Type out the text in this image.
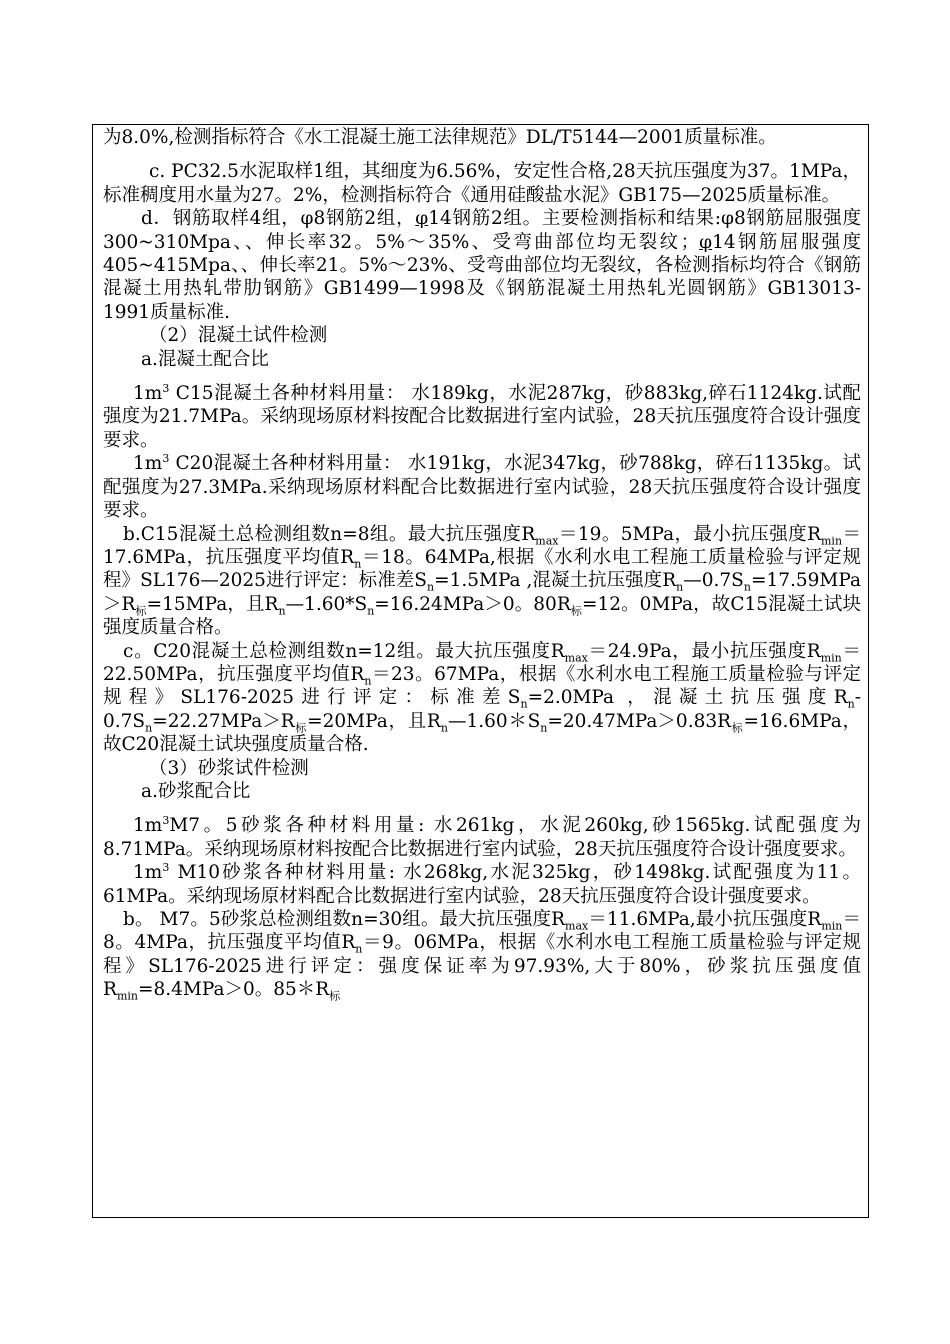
为8.0%,检测指标符合《水工混凝土施工法律规范》DL/T5144—2001质量标准。

c. PC32.5水泥取样1组，其细度为6.56%，安定性合格,28天抗压强度为37。1MPa，标准稠度用水量为27。2%，检测指标符合《通用硅酸盐水泥》GB175—2025质量标准。

d．钢筋取样4组，φ8钢筋2组，φ14钢筋2组。主要检测指标和结果:φ8钢筋屈服强度300~310Mpa、、伸长率32。5%～35%、受弯曲部位均无裂纹；φ14钢筋屈服强度405~415Mpa、、伸长率21。5%～23%、受弯曲部位均无裂纹，各检测指标均符合《钢筋混凝土用热轧带肋钢筋》GB1499—1998及《钢筋混凝土用热轧光圆钢筋》GB13013-1991质量标准.

（2）混凝土试件检测

a.混凝土配合比

$1m^3$ C15混凝土各种材料用量： 水189kg，水泥287kg，砂883kg,碎石1124kg.试配强度为21.7MPa。采纳现场原材料按配合比数据进行室内试验，28天抗压强度符合设计强度要求。

$1m^3$ C20混凝土各种材料用量： 水191kg，水泥347kg，砂788kg，碎石1135kg。试配强度为27.3MPa.采纳现场原材料配合比数据进行室内试验，28天抗压强度符合设计强度要求。

b.C15混凝土总检测组数n=8组。最大抗压强度$R_{max}=19$。5MPa，最小抗压强度$R_{min}=17.6MPa$，抗压强度平均值$R_n=18$。64MPa,根据《水利水电工程施工质量检验与评定规程》SL176—2025进行评定：标准差$S_n=1.5MPa$ ,混凝土抗压强度$R_n—0.7S_n=17.59MPa>R_标=15MPa$，且$R_n—1.60*S_n=16.24MPa>0$。$80R_标=12$。0MPa，故C15混凝土试块强度质量合格。

c。C20混凝土总检测组数n=12组。最大抗压强度$R_{max}=24.9Pa$，最小抗压强度$R_{min}=22.50MPa$，抗压强度平均值$R_n=23$。67MPa，根据《水利水电工程施工质量检验与评定规程》SL176-2025进行评定：标准差$S_n=2.0MPa$ ，混凝土抗压强度$R_n-0.7S_n=22.27MPa>R_标=20MPa$，且$R_n—1.60*S_n=20.47MPa>0.83R_标=16.6MPa$，故C20混凝土试块强度质量合格.

（3）砂浆试件检测

a.砂浆配合比

$1m^3M7$。5砂浆各种材料用量: 水261kg，水泥260kg,砂1565kg.试配强度为8.71MPa。采纳现场原材料按配合比数据进行室内试验，28天抗压强度符合设计强度要求。

$1m^3$ M10砂浆各种材料用量: 水268kg,水泥325kg，砂1498kg.试配强度为11。61MPa。采纳现场原材料配合比数据进行室内试验，28天抗压强度符合设计强度要求。

b。 M7。5砂浆总检测组数n=30组。最大抗压强度$R_{max}=11.6MPa$,最小抗压强度$R_{min}=8$。4MPa，抗压强度平均值$R_n=9$。06MPa，根据《水利水电工程施工质量检验与评定规程》SL176-2025进行评定：强度保证率为97.93%,大于80%，砂浆抗压强度值$R_{min}=8.4MPa>0$。$85*R_标$
